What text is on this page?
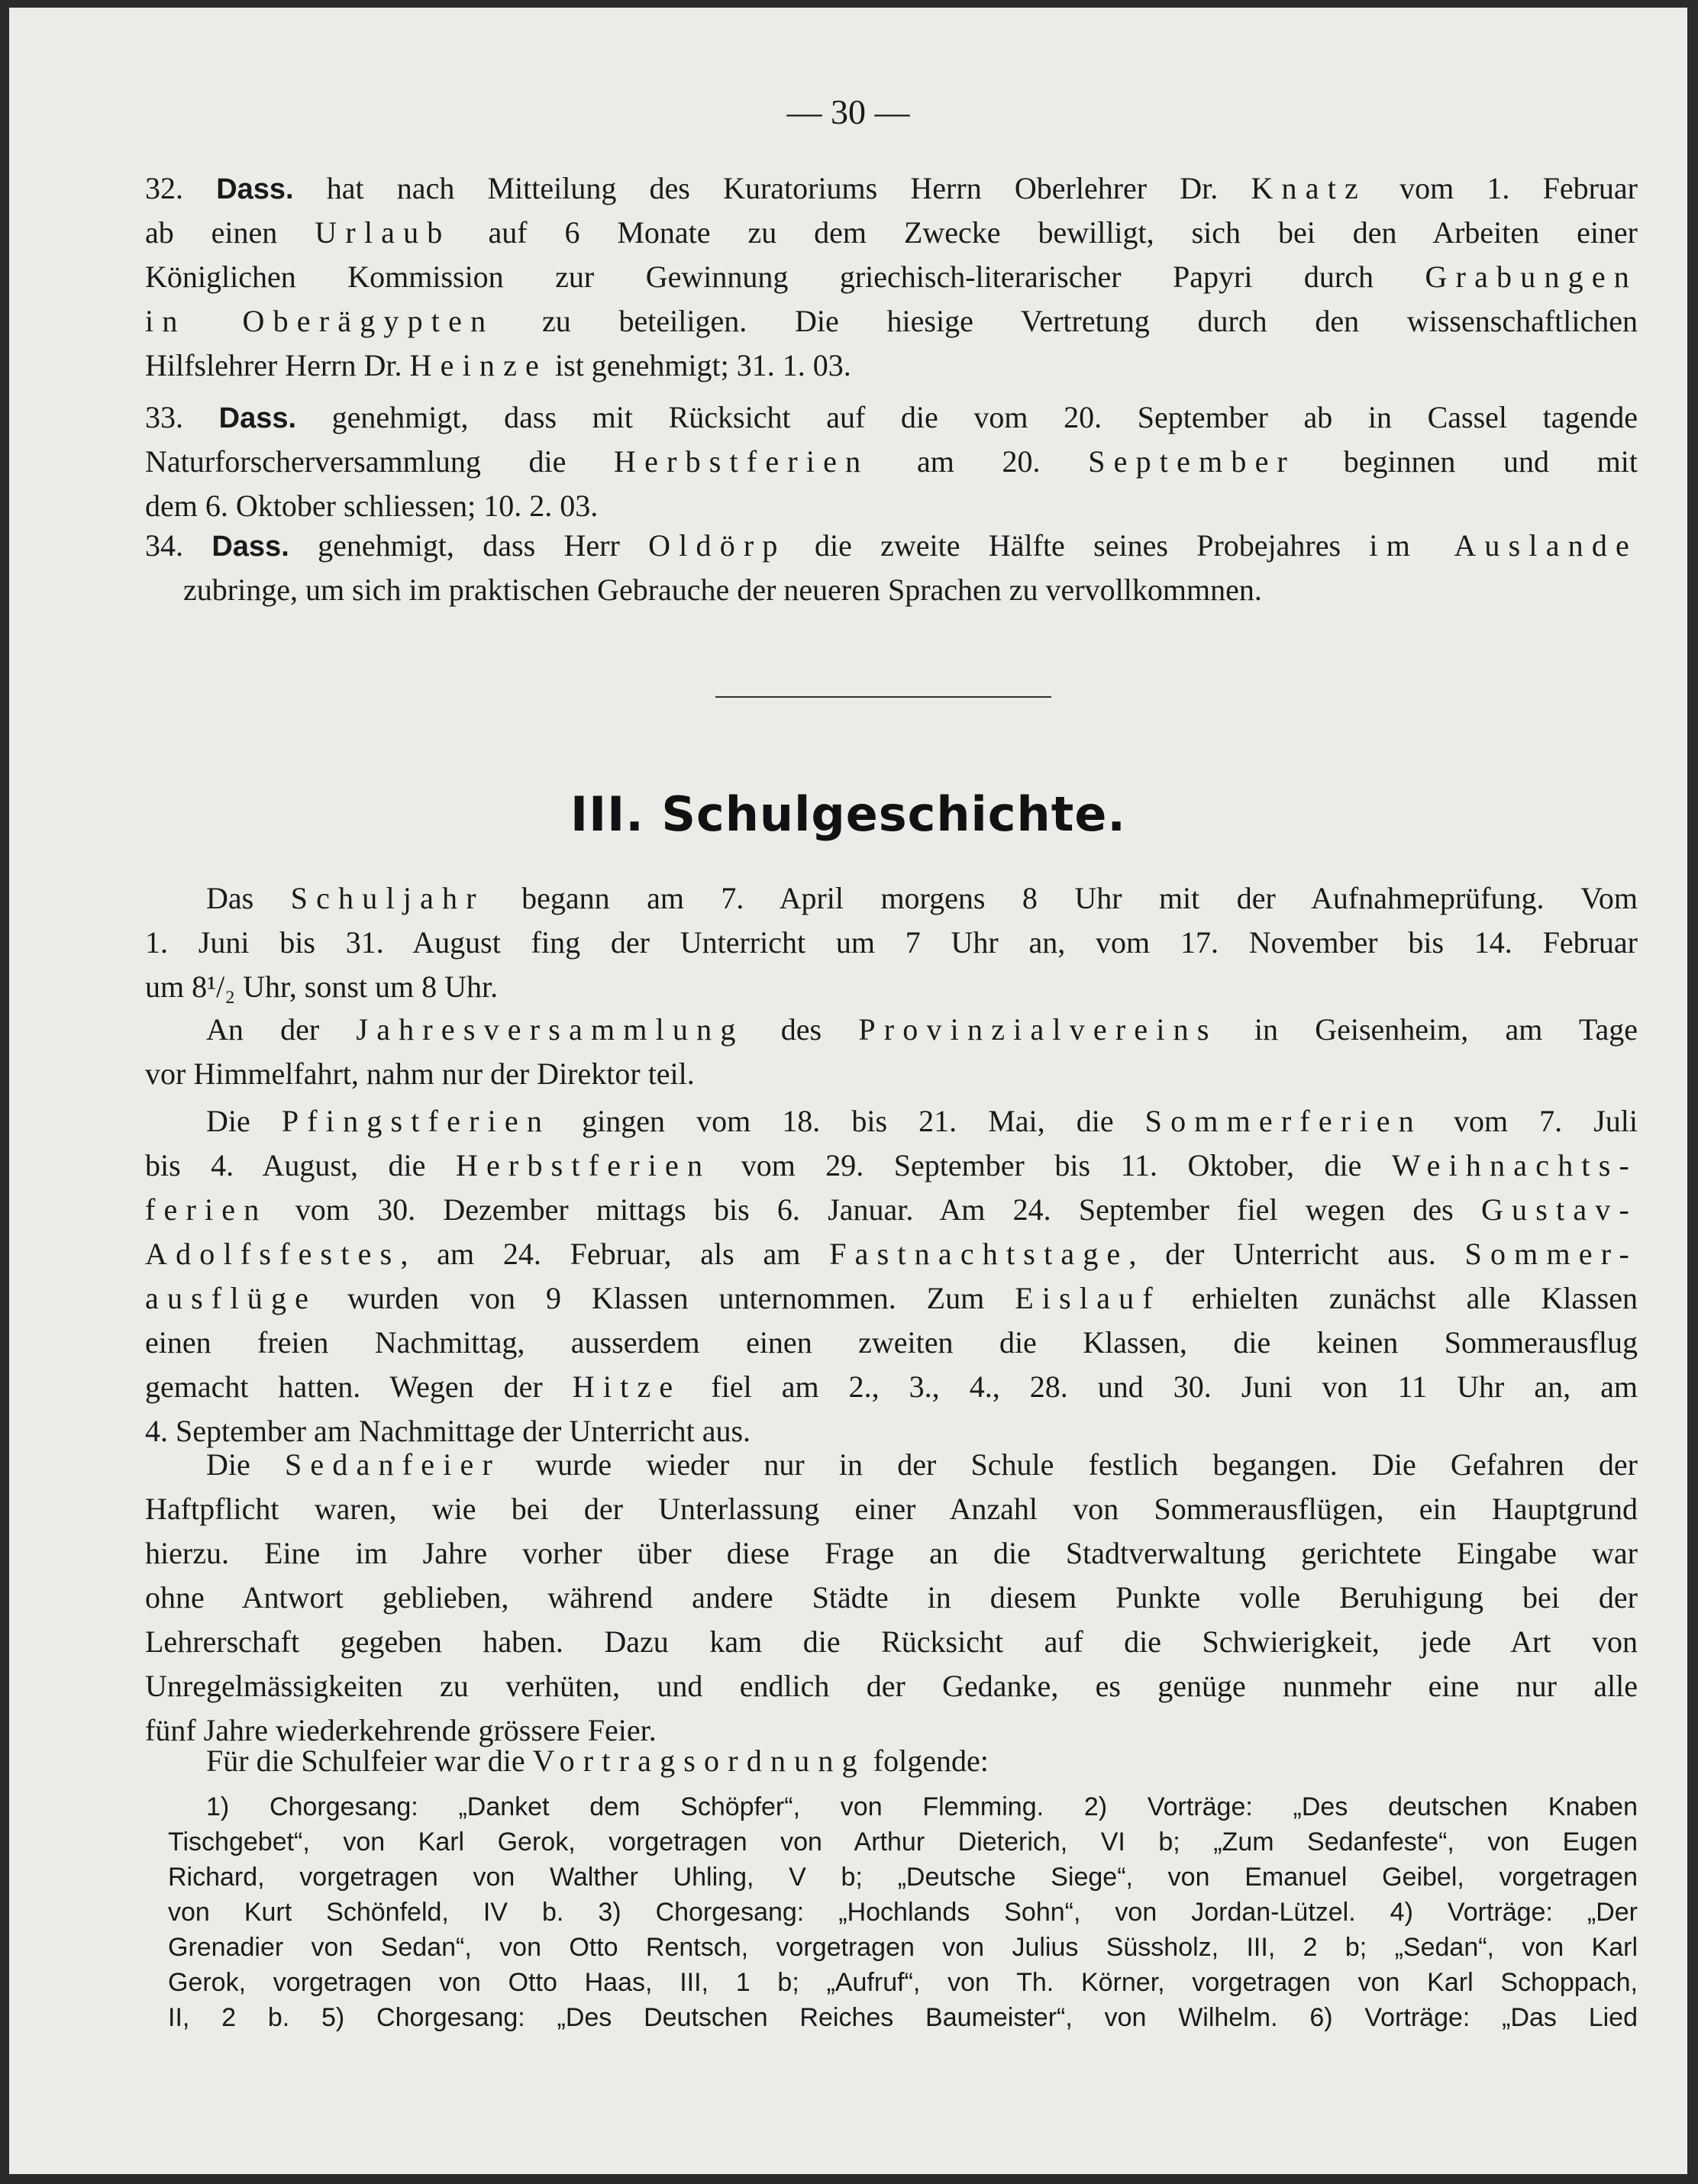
— 30 —

32. Dass. hat nach Mitteilung des Kuratoriums Herrn Oberlehrer Dr. Knatz vom 1. Februar

ab einen Urlaub auf 6 Monate zu dem Zwecke bewilligt, sich bei den Arbeiten einer

Königlichen Kommission zur Gewinnung griechisch-literarischer Papyri durch Grabungen

in Oberägypten zu beteiligen. Die hiesige Vertretung durch den wissenschaftlichen

Hilfslehrer Herrn Dr. Heinze ist genehmigt; 31. 1. 03.

33. Dass. genehmigt, dass mit Rücksicht auf die vom 20. September ab in Cassel tagende

Naturforscherversammlung die Herbstferien am 20. September beginnen und mit

dem 6. Oktober schliessen; 10. 2. 03.

34. Dass. genehmigt, dass Herr Oldörp die zweite Hälfte seines Probejahres im Auslande

zubringe, um sich im praktischen Gebrauche der neueren Sprachen zu vervollkommnen.

III. Schulgeschichte.

Das Schuljahr begann am 7. April morgens 8 Uhr mit der Aufnahmeprüfung. Vom

1. Juni bis 31. August fing der Unterricht um 7 Uhr an, vom 17. November bis 14. Februar

um 8¹/₂ Uhr, sonst um 8 Uhr.

An der Jahresversammlung des Provinzialvereins in Geisenheim, am Tage

vor Himmelfahrt, nahm nur der Direktor teil.

Die Pfingstferien gingen vom 18. bis 21. Mai, die Sommerferien vom 7. Juli

bis 4. August, die Herbstferien vom 29. September bis 11. Oktober, die Weihnachts-

ferien vom 30. Dezember mittags bis 6. Januar. Am 24. September fiel wegen des Gustav-

Adolfsfestes, am 24. Februar, als am Fastnachtstage, der Unterricht aus. Sommer-

ausflüge wurden von 9 Klassen unternommen. Zum Eislauf erhielten zunächst alle Klassen

einen freien Nachmittag, ausserdem einen zweiten die Klassen, die keinen Sommerausflug

gemacht hatten. Wegen der Hitze fiel am 2., 3., 4., 28. und 30. Juni von 11 Uhr an, am

4. September am Nachmittage der Unterricht aus.

Die Sedanfeier wurde wieder nur in der Schule festlich begangen. Die Gefahren der

Haftpflicht waren, wie bei der Unterlassung einer Anzahl von Sommerausflügen, ein Hauptgrund

hierzu. Eine im Jahre vorher über diese Frage an die Stadtverwaltung gerichtete Eingabe war

ohne Antwort geblieben, während andere Städte in diesem Punkte volle Beruhigung bei der

Lehrerschaft gegeben haben. Dazu kam die Rücksicht auf die Schwierigkeit, jede Art von

Unregelmässigkeiten zu verhüten, und endlich der Gedanke, es genüge nunmehr eine nur alle

fünf Jahre wiederkehrende grössere Feier.

Für die Schulfeier war die Vortragsordnung folgende:

1) Chorgesang: „Danket dem Schöpfer“, von Flemming. 2) Vorträge: „Des deutschen Knaben

Tischgebet“, von Karl Gerok, vorgetragen von Arthur Dieterich, VI b; „Zum Sedanfeste“, von Eugen

Richard, vorgetragen von Walther Uhling, V b; „Deutsche Siege“, von Emanuel Geibel, vorgetragen

von Kurt Schönfeld, IV b. 3) Chorgesang: „Hochlands Sohn“, von Jordan-Lützel. 4) Vorträge: „Der

Grenadier von Sedan“, von Otto Rentsch, vorgetragen von Julius Süssholz, III, 2 b; „Sedan“, von Karl

Gerok, vorgetragen von Otto Haas, III, 1 b; „Aufruf“, von Th. Körner, vorgetragen von Karl Schoppach,

II, 2 b. 5) Chorgesang: „Des Deutschen Reiches Baumeister“, von Wilhelm. 6) Vorträge: „Das Lied
